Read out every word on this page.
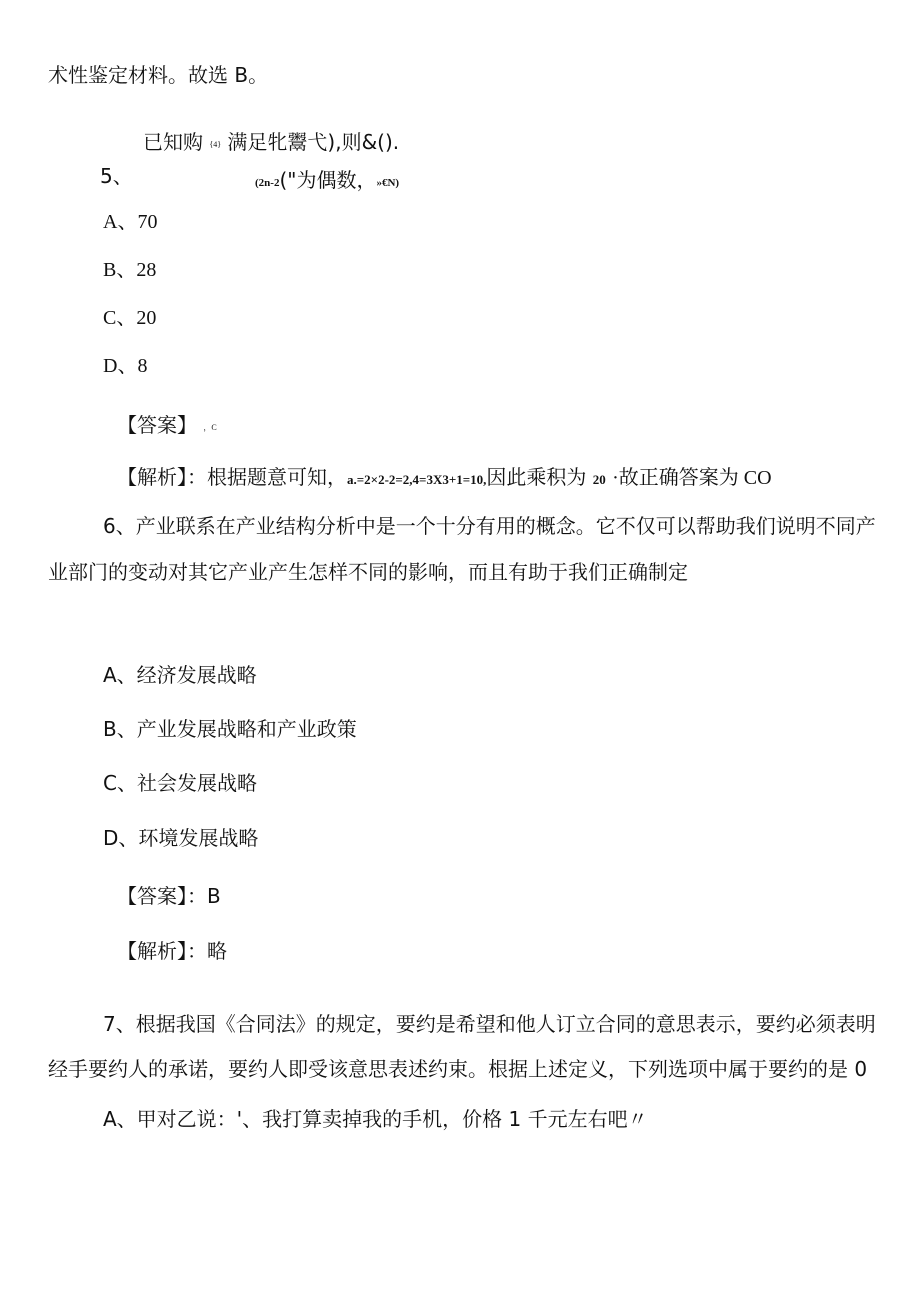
术性鉴定材料。故选 B。
已知购 {4} 满足牝鬻弋),则&().
5、	(2n-2("为偶数，»€N)
A、70
B、28
C、20
D、8
【答案】 ，C
【解析】：根据题意可知，a.=2×2-2=2,4=3X3+1=10,因此乘积为 20 ·故正确答案为 CO
6、产业联系在产业结构分析中是一个十分有用的概念。它不仅可以帮助我们说明不同产
业部门的变动对其它产业产生怎样不同的影响，而且有助于我们正确制定
A、经济发展战略
B、产业发展战略和产业政策
C、社会发展战略
D、环境发展战略
【答案】：B
【解析】：略
7、根据我国《合同法》的规定，要约是希望和他人订立合同的意思表示，要约必须表明
经手要约人的承诺，要约人即受该意思表述约束。根据上述定义，下列选项中属于要约的是 0
A、甲对乙说：'、我打算卖掉我的手机，价格 1 千元左右吧〃
